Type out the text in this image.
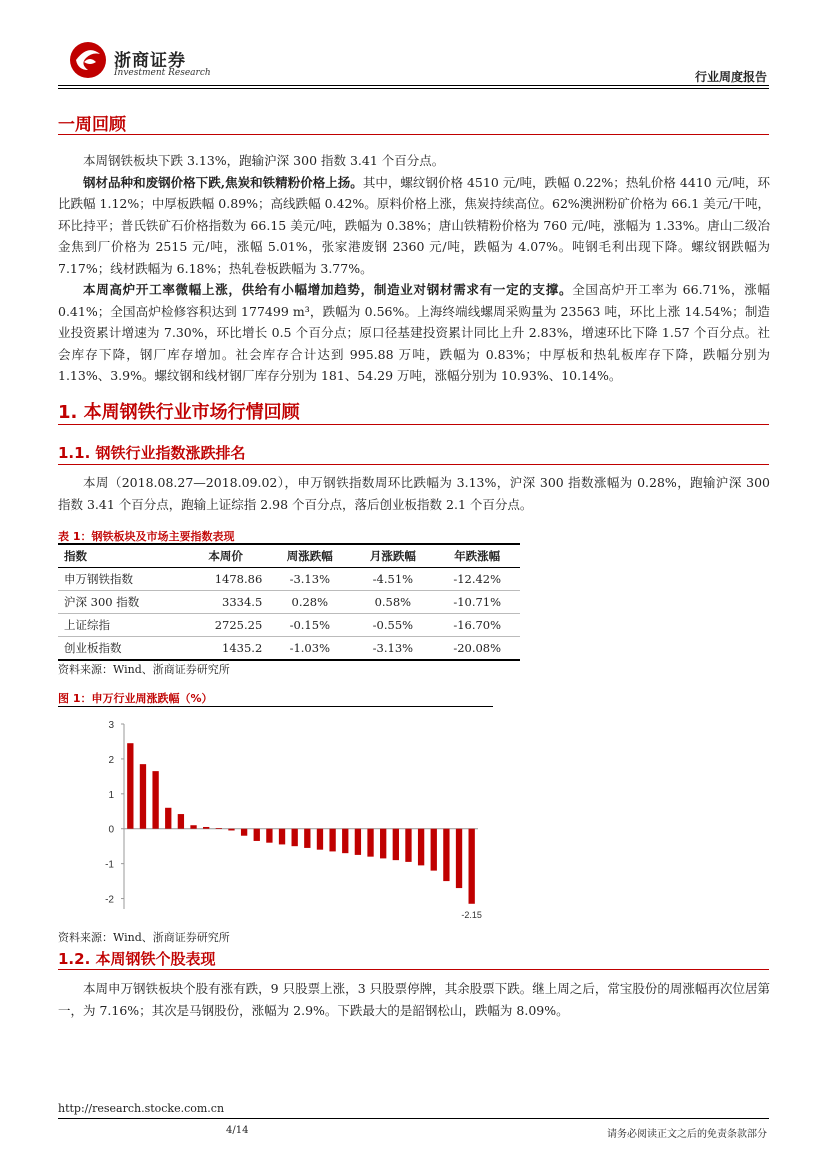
浙商证券
Investment Research	行业周度报告
一周回顾

本周钢铁板块下跌 3.13%，跑输沪深 300 指数 3.41 个百分点。

钢材品种和废钢价格下跌,焦炭和铁精粉价格上扬。其中，螺纹钢价格 4510 元/吨，跌幅 0.22%；热轧价格 4410 元/吨，环比跌幅 1.12%；中厚板跌幅 0.89%；高线跌幅 0.42%。原料价格上涨，焦炭持续高位。62%澳洲粉矿价格为 66.1 美元/干吨，环比持平；普氏铁矿石价格指数为 66.15 美元/吨，跌幅为 0.38%；唐山铁精粉价格为 760 元/吨，涨幅为 1.33%。唐山二级冶金焦到厂价格为 2515 元/吨，涨幅 5.01%，张家港废钢 2360 元/吨，跌幅为 4.07%。吨钢毛利出现下降。螺纹钢跌幅为 7.17%；线材跌幅为 6.18%；热轧卷板跌幅为 3.77%。

本周高炉开工率微幅上涨，供给有小幅增加趋势，制造业对钢材需求有一定的支撑。全国高炉开工率为 66.71%，涨幅 0.41%；全国高炉检修容积达到 177499 m³，跌幅为 0.56%。上海终端线螺周采购量为 23563 吨，环比上涨 14.54%；制造业投资累计增速为 7.30%，环比增长 0.5 个百分点；原口径基建投资累计同比上升 2.83%，增速环比下降 1.57 个百分点。社会库存下降，钢厂库存增加。社会库存合计达到 995.88 万吨，跌幅为 0.83%；中厚板和热轧板库存下降，跌幅分别为 1.13%、3.9%。螺纹钢和线材钢厂库存分别为 181、54.29 万吨，涨幅分别为 10.93%、10.14%。

1. 本周钢铁行业市场行情回顾
1.1. 钢铁行业指数涨跌排名

本周（2018.08.27—2018.09.02），申万钢铁指数周环比跌幅为 3.13%，沪深 300 指数涨幅为 0.28%，跑输沪深 300 指数 3.41 个百分点，跑输上证综指 2.98 个百分点，落后创业板指数 2.1 个百分点。

表 1：钢铁板块及市场主要指数表现
指数	本周价	周涨跌幅	月涨跌幅	年跌涨幅
申万钢铁指数	1478.86	-3.13%	-4.51%	-12.42%
沪深 300 指数	3334.5	0.28%	0.58%	-10.71%
上证综指	2725.25	-0.15%	-0.55%	-16.70%
创业板指数	1435.2	-1.03%	-3.13%	-20.08%
资料来源：Wind、浙商证券研究所
图 1：申万行业周涨跌幅（%）
-2
-1
0
1
2
3
-2.15
资料来源：Wind、浙商证券研究所
1.2. 本周钢铁个股表现

本周申万钢铁板块个股有涨有跌，9 只股票上涨，3 只股票停牌，其余股票下跌。继上周之后，常宝股份的周涨幅再次位居第一，为 7.16%；其次是马钢股份，涨幅为 2.9%。下跌最大的是韶钢松山，跌幅为 8.09%。

http://research.stocke.com.cn
4/14	请务必阅读正文之后的免责条款部分
